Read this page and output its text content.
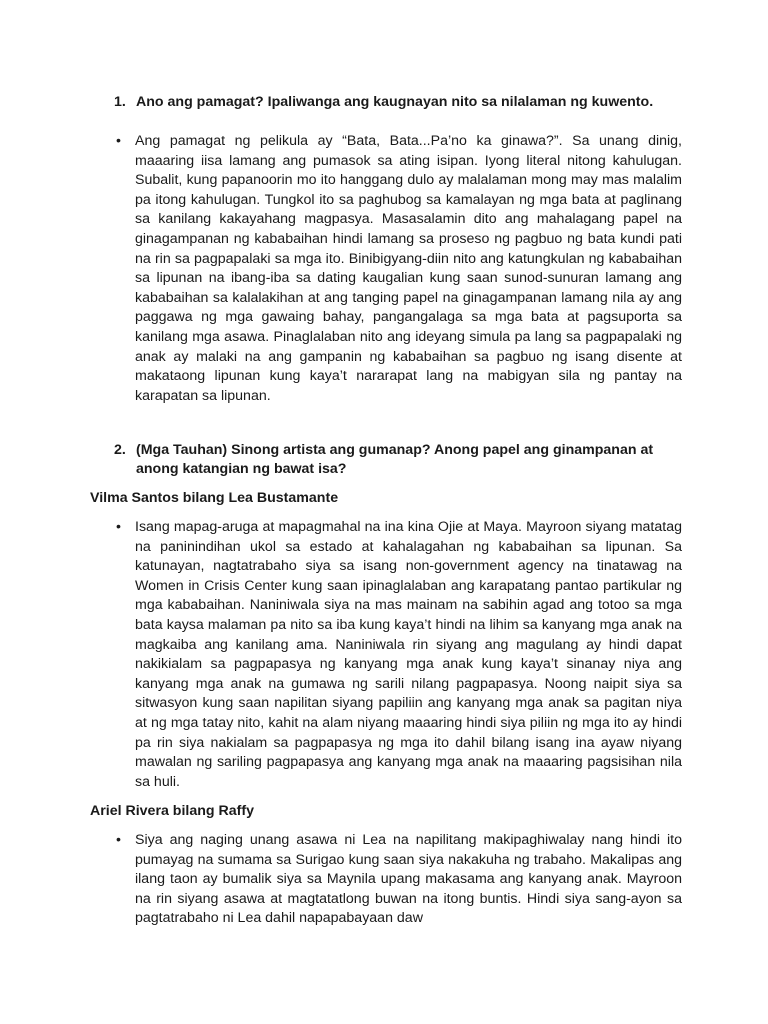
1. Ano ang pamagat? Ipaliwanga ang kaugnayan nito sa nilalaman ng kuwento.
• Ang pamagat ng pelikula ay “Bata, Bata...Pa’no ka ginawa?”. Sa unang dinig, maaaring iisa lamang ang pumasok sa ating isipan. Iyong literal nitong kahulugan. Subalit, kung papanoorin mo ito hanggang dulo ay malalaman mong may mas malalim pa itong kahulugan. Tungkol ito sa paghubog sa kamalayan ng mga bata at paglinang sa kanilang kakayahang magpasya. Masasalamin dito ang mahalagang papel na ginagampanan ng kababaihan hindi lamang sa proseso ng pagbuo ng bata kundi pati na rin sa pagpapalaki sa mga ito. Binibigyang-diin nito ang katungkulan ng kababaihan sa lipunan na ibang-iba sa dating kaugalian kung saan sunod-sunuran lamang ang kababaihan sa kalalakihan at ang tanging papel na ginagampanan lamang nila ay ang paggawa ng mga gawaing bahay, pangangalaga sa mga bata at pagsuporta sa kanilang mga asawa. Pinaglalaban nito ang ideyang simula pa lang sa pagpapalaki ng anak ay malaki na ang gampanin ng kababaihan sa pagbuo ng isang disente at makataong lipunan kung kaya’t nararapat lang na mabigyan sila ng pantay na karapatan sa lipunan.
2. (Mga Tauhan) Sinong artista ang gumanap? Anong papel ang ginampanan at anong katangian ng bawat isa?
Vilma Santos bilang Lea Bustamante
• Isang mapag-aruga at mapagmahal na ina kina Ojie at Maya. Mayroon siyang matatag na paninindihan ukol sa estado at kahalagahan ng kababaihan sa lipunan. Sa katunayan, nagtatrabaho siya sa isang non-government agency na tinatawag na Women in Crisis Center kung saan ipinaglalaban ang karapatang pantao partikular ng mga kababaihan. Naniniwala siya na mas mainam na sabihin agad ang totoo sa mga bata kaysa malaman pa nito sa iba kung kaya’t hindi na lihim sa kanyang mga anak na magkaiba ang kanilang ama. Naniniwala rin siyang ang magulang ay hindi dapat nakikialam sa pagpapasya ng kanyang mga anak kung kaya’t sinanay niya ang kanyang mga anak na gumawa ng sarili nilang pagpapasya. Noong naipit siya sa sitwasyon kung saan napilitan siyang papiliin ang kanyang mga anak sa pagitan niya at ng mga tatay nito, kahit na alam niyang maaaring hindi siya piliin ng mga ito ay hindi pa rin siya nakialam sa pagpapasya ng mga ito dahil bilang isang ina ayaw niyang mawalan ng sariling pagpapasya ang kanyang mga anak na maaaring pagsisihan nila sa huli.
Ariel Rivera bilang Raffy
• Siya ang naging unang asawa ni Lea na napilitang makipaghiwalay nang hindi ito pumayag na sumama sa Surigao kung saan siya nakakuha ng trabaho. Makalipas ang ilang taon ay bumalik siya sa Maynila upang makasama ang kanyang anak. Mayroon na rin siyang asawa at magtatatlong buwan na itong buntis. Hindi siya sang-ayon sa pagtatrabaho ni Lea dahil napapabayaan daw
